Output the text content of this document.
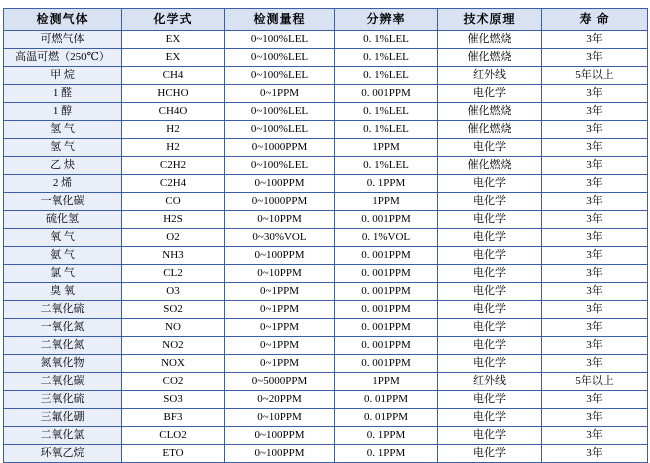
检测气体	化学式	检测量程	分辨率	技术原理	寿 命
可燃气体	EX	0~100%LEL	0. 1%LEL	催化燃烧	3年
高温可燃（250℃）	EX	0~100%LEL	0. 1%LEL	催化燃烧	3年
甲 烷	CH4	0~100%LEL	0. 1%LEL	红外线	5年以上
1 醛	HCHO	0~1PPM	0. 001PPM	电化学	3年
1 醇	CH4O	0~100%LEL	0. 1%LEL	催化燃烧	3年
氢 气	H2	0~100%LEL	0. 1%LEL	催化燃烧	3年
氢 气	H2	0~1000PPM	1PPM	电化学	3年
乙 炔	C2H2	0~100%LEL	0. 1%LEL	催化燃烧	3年
2 烯	C2H4	0~100PPM	0. 1PPM	电化学	3年
一氧化碳	CO	0~1000PPM	1PPM	电化学	3年
硫化氢	H2S	0~10PPM	0. 001PPM	电化学	3年
氧 气	O2	0~30%VOL	0. 1%VOL	电化学	3年
氨 气	NH3	0~100PPM	0. 001PPM	电化学	3年
氯 气	CL2	0~10PPM	0. 001PPM	电化学	3年
臭 氧	O3	0~1PPM	0. 001PPM	电化学	3年
二氧化硫	SO2	0~1PPM	0. 001PPM	电化学	3年
一氧化氮	NO	0~1PPM	0. 001PPM	电化学	3年
二氧化氮	NO2	0~1PPM	0. 001PPM	电化学	3年
氮氧化物	NOX	0~1PPM	0. 001PPM	电化学	3年
二氧化碳	CO2	0~5000PPM	1PPM	红外线	5年以上
三氧化硫	SO3	0~20PPM	0. 01PPM	电化学	3年
三氟化硼	BF3	0~10PPM	0. 01PPM	电化学	3年
二氧化氯	CLO2	0~100PPM	0. 1PPM	电化学	3年
环氧乙烷	ETO	0~100PPM	0. 1PPM	电化学	3年
